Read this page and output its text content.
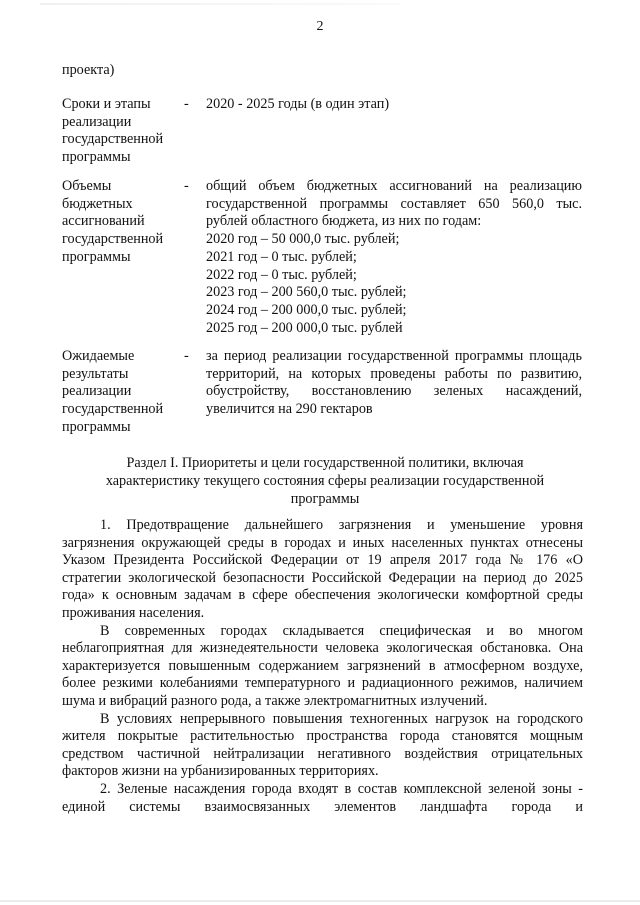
2
проекта)
Сроки и этапы
реализации
государственной
программы
- 2020 - 2025 годы (в один этап)

Объемы
бюджетных
ассигнований
государственной
программы
- общий объем бюджетных ассигнований на реализацию государственной программы составляет 650 560,0 тыс. рублей областного бюджета, из них по годам:

2020 год – 50 000,0 тыс. рублей;

2021 год – 0 тыс. рублей;

2022 год – 0 тыс. рублей;

2023 год – 200 560,0 тыс. рублей;

2024 год – 200 000,0 тыс. рублей;

2025 год – 200 000,0 тыс. рублей

Ожидаемые
результаты
реализации
государственной
программы
- за период реализации государственной программы площадь территорий, на которых проведены работы по развитию, обустройству, восстановлению зеленых насаждений, увеличится на 290 гектаров

Раздел I. Приоритеты и цели государственной политики, включая характеристику текущего состояния сферы реализации государственной программы

1. Предотвращение дальнейшего загрязнения и уменьшение уровня загрязнения окружающей среды в городах и иных населенных пунктах отнесены Указом Президента Российской Федерации от 19 апреля 2017 года № 176 «О стратегии экологической безопасности Российской Федерации на период до 2025 года» к основным задачам в сфере обеспечения экологически комфортной среды проживания населения.

В современных городах складывается специфическая и во многом неблагоприятная для жизнедеятельности человека экологическая обстановка. Она характеризуется повышенным содержанием загрязнений в атмосферном воздухе, более резкими колебаниями температурного и радиационного режимов, наличием шума и вибраций разного рода, а также электромагнитных излучений.

В условиях непрерывного повышения техногенных нагрузок на городского жителя покрытые растительностью пространства города становятся мощным средством частичной нейтрализации негативного воздействия отрицательных факторов жизни на урбанизированных территориях.

2. Зеленые насаждения города входят в состав комплексной зеленой зоны - единой системы взаимосвязанных элементов ландшафта города и
